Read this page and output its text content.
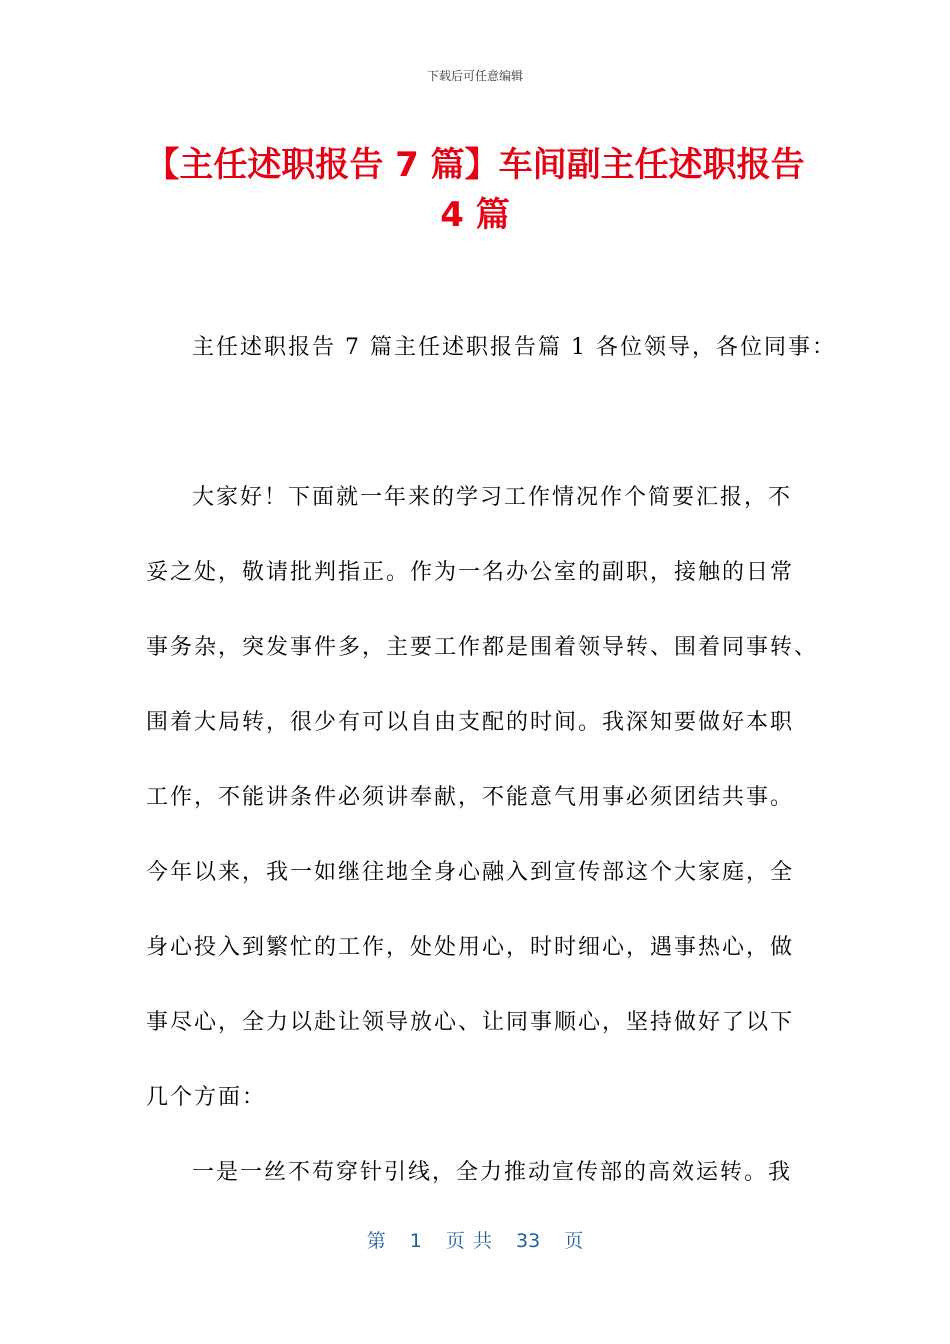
下载后可任意编辑
【主任述职报告 7 篇】车间副主任述职报告
4 篇
主任述职报告 7 篇主任述职报告篇 1 各位领导，各位同事：
大家好！下面就一年来的学习工作情况作个简要汇报，不
妥之处，敬请批判指正。作为一名办公室的副职，接触的日常
事务杂，突发事件多，主要工作都是围着领导转、围着同事转、
围着大局转，很少有可以自由支配的时间。我深知要做好本职
工作，不能讲条件必须讲奉献，不能意气用事必须团结共事。
今年以来，我一如继往地全身心融入到宣传部这个大家庭，全
身心投入到繁忙的工作，处处用心，时时细心，遇事热心，做
事尽心，全力以赴让领导放心、让同事顺心，坚持做好了以下
几个方面：
一是一丝不苟穿针引线，全力推动宣传部的高效运转。我
第 1 页 共 33 页
